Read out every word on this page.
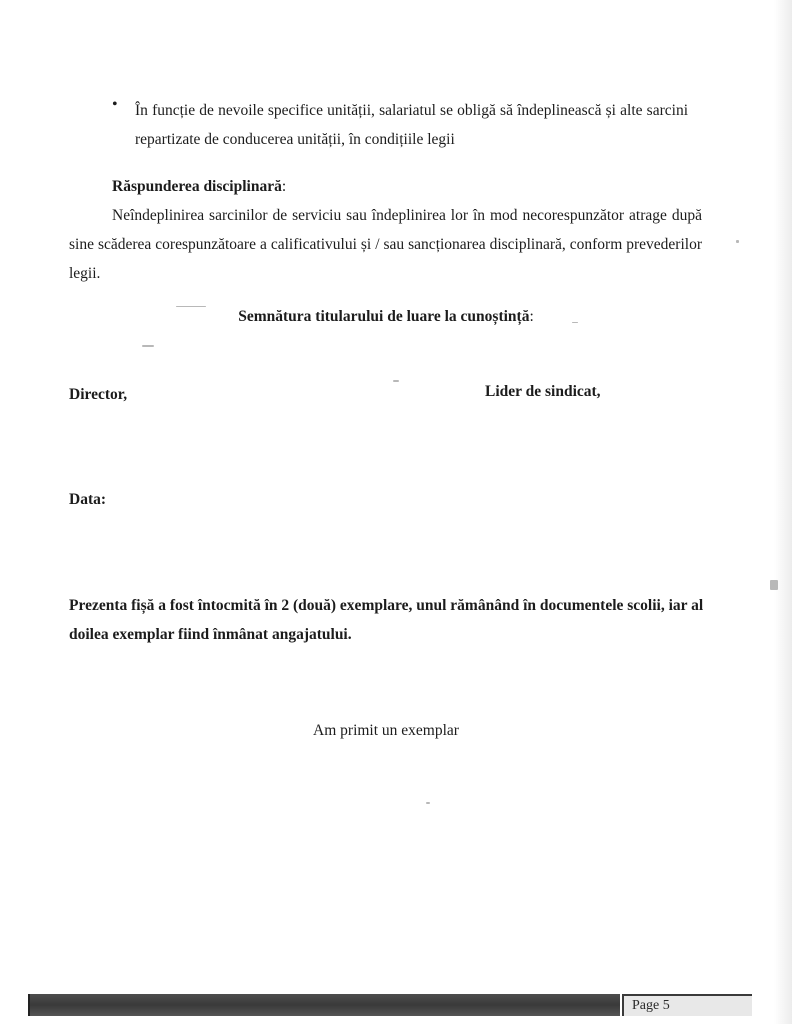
• În funcție de nevoile specifice unității, salariatul se obligă să îndeplinească și alte sarcini repartizate de conducerea unității, în condițiile legii
Răspunderea disciplinară:
Neîndeplinirea sarcinilor de serviciu sau îndeplinirea lor în mod necorespunzător atrage după sine scăderea corespunzătoare a calificativului și / sau sancționarea disciplinară, conform prevederilor legii.
Semnătura titularului de luare la cunoștință:
Director,	Lider de sindicat,
Data:
Prezenta fișă a fost întocmită în 2 (două) exemplare, unul rămânând în documentele scolii, iar al doilea exemplar fiind înmânat angajatului.
Am primit un exemplar
Page 5
